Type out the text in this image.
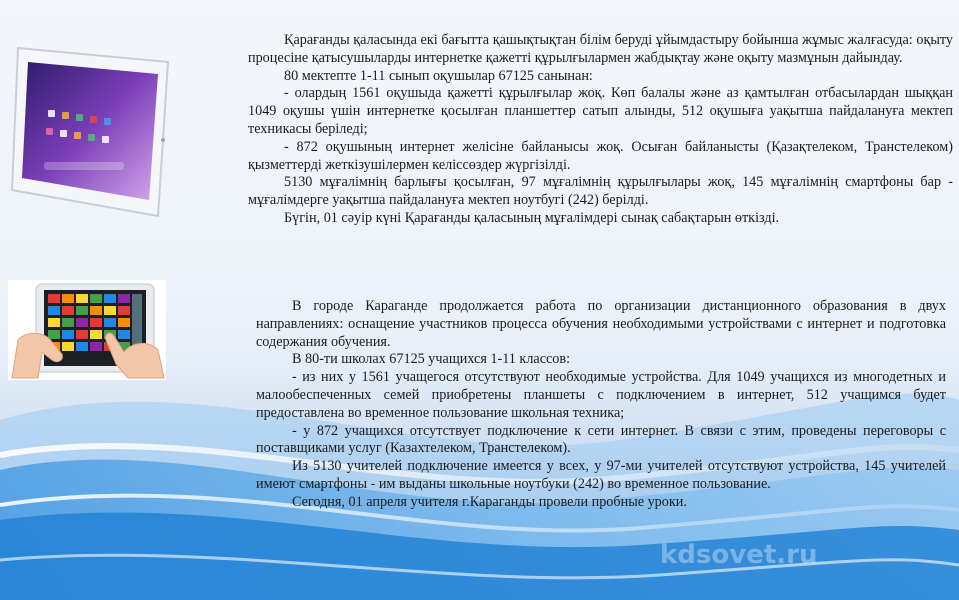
Қарағанды қаласында екі бағытта қашықтықтан білім беруді ұйымдастыру бойынша жұмыс жалғасуда: оқыту процесіне қатысушыларды интернетке қажетті құрылғылармен жабдықтау және оқыту мазмұнын дайындау.

80 мектепте 1-11 сынып оқушылар 67125 санынан:

- олардың 1561 оқушыда қажетті құрылғылар жоқ. Көп балалы және аз қамтылған отбасылардан шыққан 1049 оқушы үшін интернетке қосылған планшеттер сатып алынды, 512 оқушыға уақытша пайдалануға мектеп техникасы беріледі;

- 872 оқушының интернет желісіне байланысы жоқ. Осыған байланысты (Қазақтелеком, Транстелеком) қызметтерді жеткізушілермен келіссөздер жүргізілді.

5130 мұғалімнің барлығы қосылған, 97 мұғалімнің құрылғылары жоқ, 145 мұғалімнің смартфоны бар - мұғалімдерге уақытша пайдалануға мектеп ноутбугі (242) берілді.

Бүгін, 01 сәуір күні Қарағанды қаласының мұғалімдері сынақ сабақтарын өткізді.

В городе Караганде продолжается работа по организации дистанционного образования в двух направлениях: оснащение участников процесса обучения необходимыми устройствами с интернет и подготовка содержания обучения.

В 80-ти школах 67125 учащихся 1-11 классов:

- из них у 1561 учащегося отсутствуют необходимые устройства. Для 1049 учащихся из многодетных и малообеспеченных семей приобретены планшеты с подключением в интернет, 512 учащимся будет предоставлена во временное пользование школьная техника;

- у 872 учащихся отсутствует подключение к сети интернет. В связи с этим, проведены переговоры с поставщиками услуг (Казахтелеком, Транстелеком).

Из 5130 учителей подключение имеется у всех, у 97-ми учителей отсутствуют устройства, 145 учителей имеют смартфоны - им выданы школьные ноутбуки (242) во временное пользование.

Сегодня, 01 апреля учителя г.Караганды провели пробные уроки.

kdsovet.ru
